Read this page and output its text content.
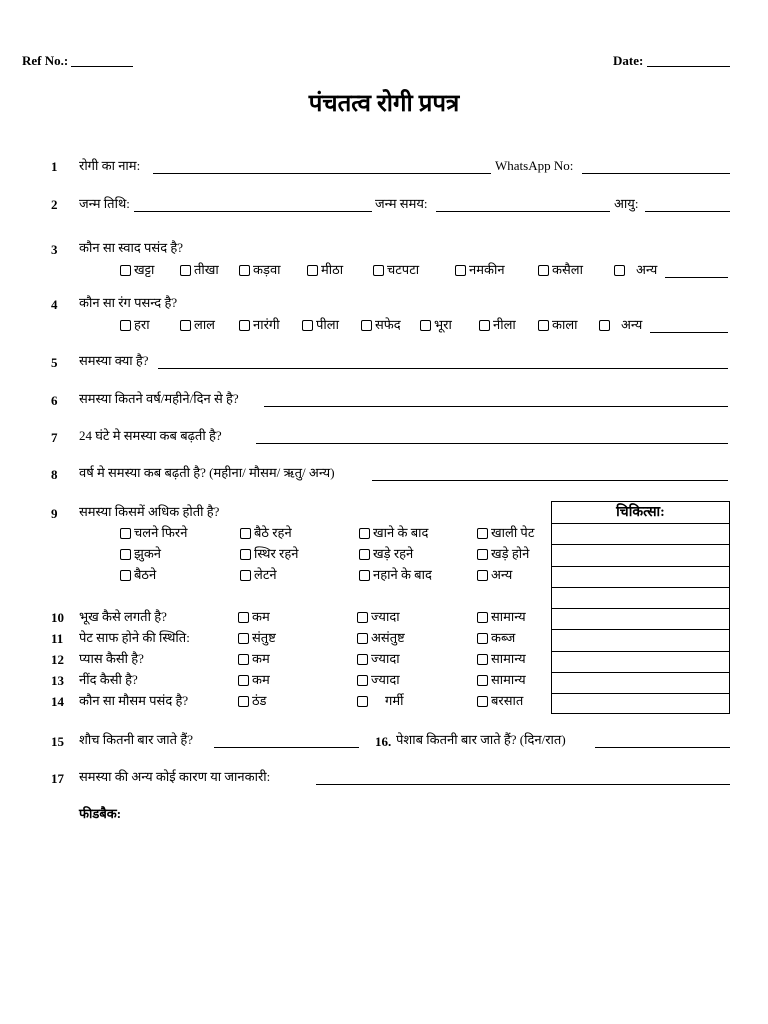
Ref No.:	Date:
पंचतत्व रोगी प्रपत्र
1 रोगी का नाम:	WhatsApp No:
2 जन्म तिथि:	जन्म समय:	आयु:
3 कौन सा स्वाद पसंद है?
खट्टा	तीखा	कड़वा	मीठा	चटपटा	नमकीन	कसैला	अन्य
4 कौन सा रंग पसन्द है?
हरा	लाल	नारंगी	पीला	सफेद	भूरा	नीला	काला	अन्य
5 समस्या क्या है?
6 समस्या कितने वर्ष/महीने/दिन से है?
7 24 घंटे मे समस्या कब बढ़ती है?
8 वर्ष मे समस्या कब बढ़ती है? (महीना/ मौसम/ ऋतु/ अन्य)
9 समस्या किसमें अधिक होती है?
चलने फिरने	बैठे रहने	खाने के बाद	खाली पेट
झुकने	स्थिर रहने	खड़े रहने	खड़े होने
बैठने	लेटने	नहाने के बाद	अन्य
चिकित्सा:
10 भूख कैसे लगती है?	कम	ज्यादा	सामान्य
11 पेट साफ होने की स्थिति:	संतुष्ट	असंतुष्ट	कब्ज
12 प्यास कैसी है?	कम	ज्यादा	सामान्य
13 नींद कैसी है?	कम	ज्यादा	सामान्य
14 कौन सा मौसम पसंद है?	ठंड	गर्मी	बरसात
15 शौच कितनी बार जाते हैं?	16. पेशाब कितनी बार जाते हैं? (दिन/रात)
17 समस्या की अन्य कोई कारण या जानकारी:
फीडबैक:
